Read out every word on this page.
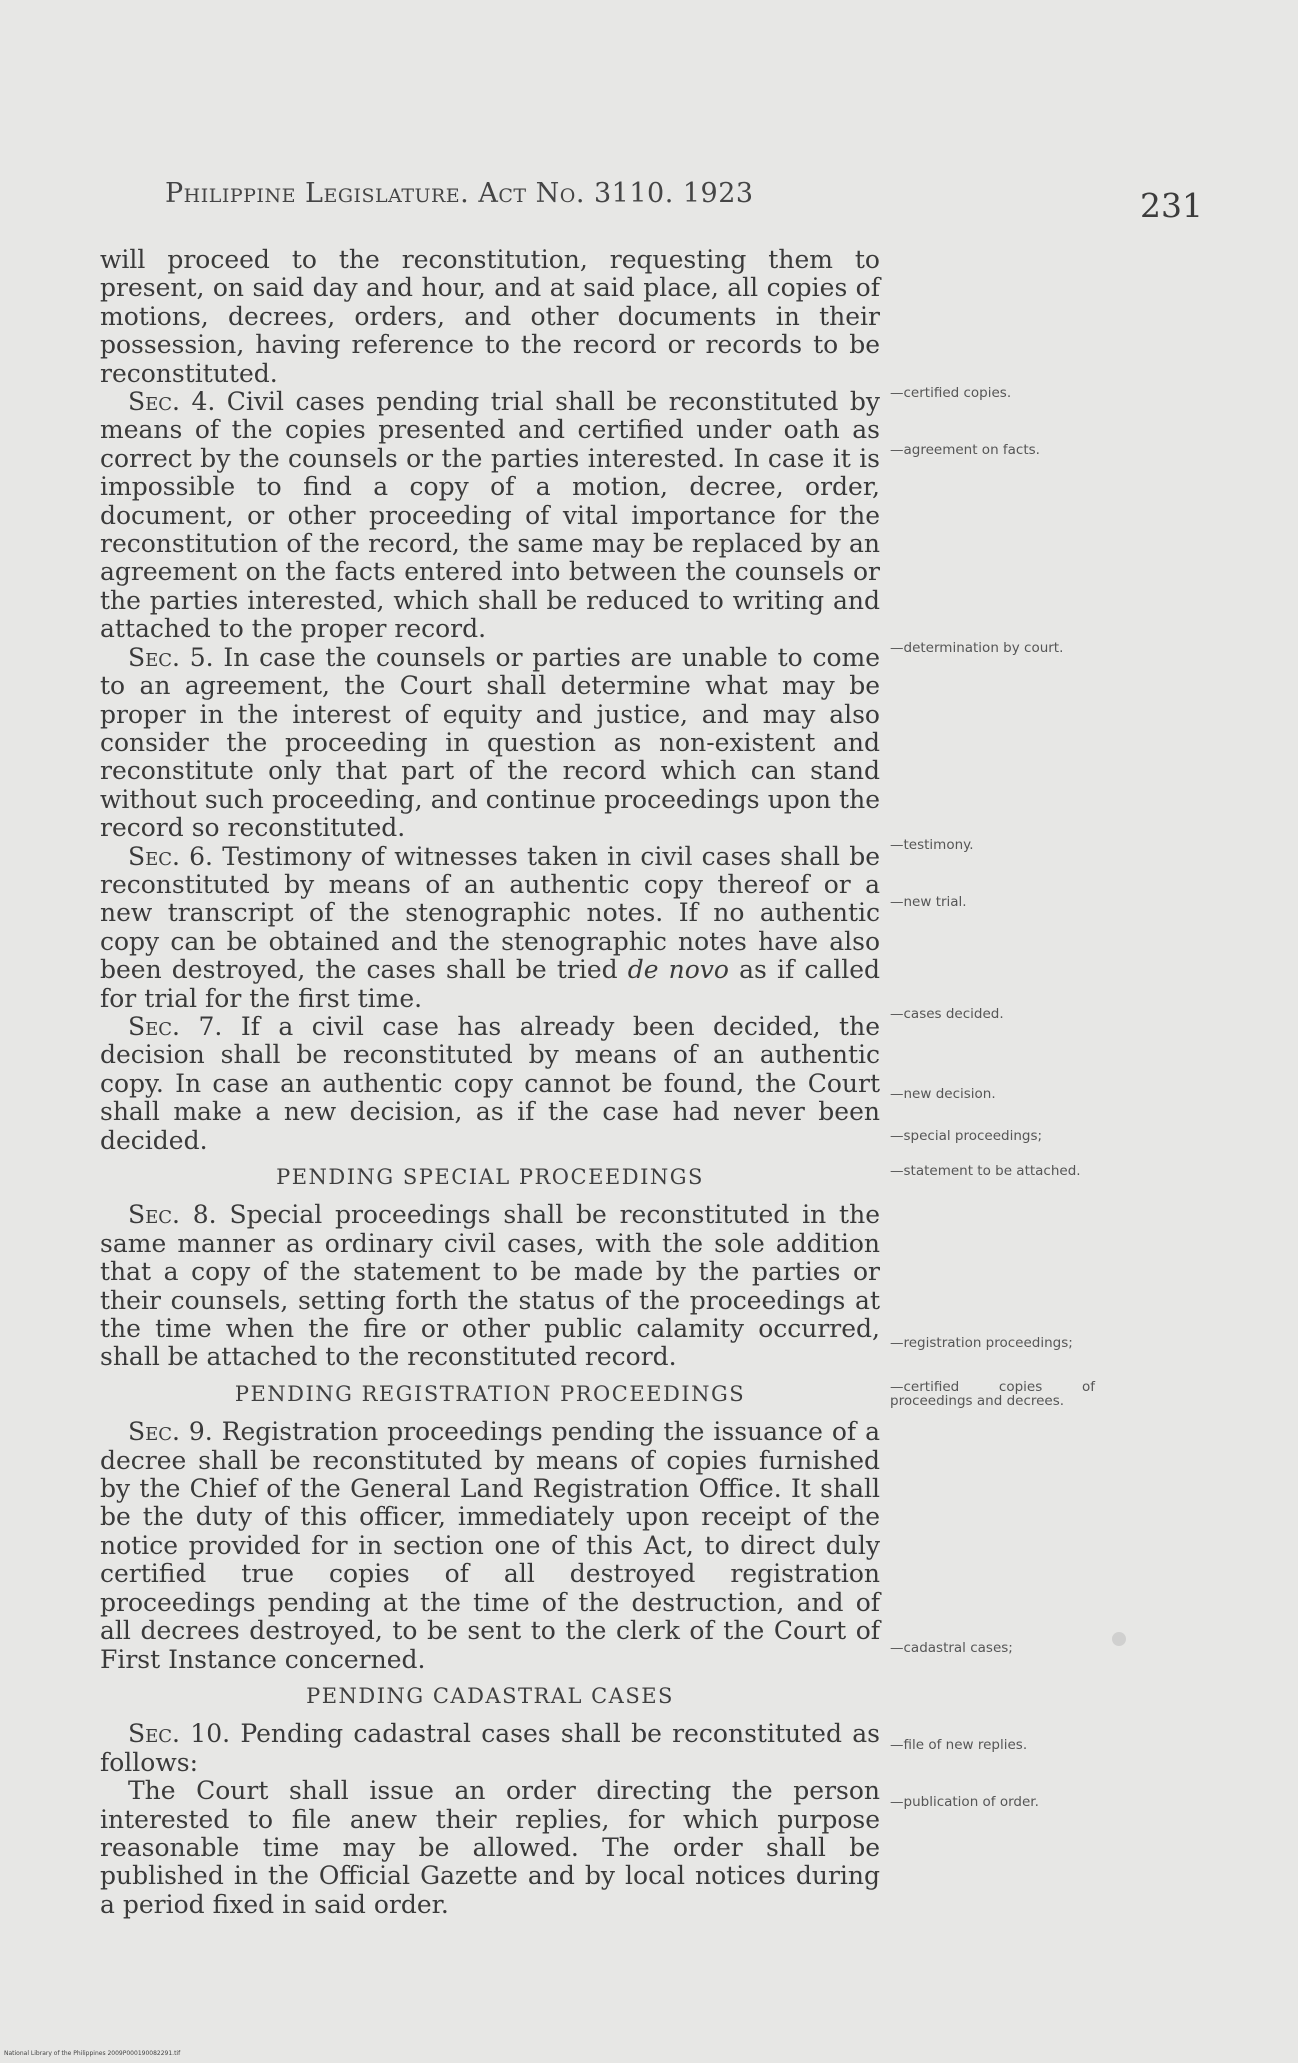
Philippine Legislature. Act No. 3110. 1923	231

will proceed to the reconstitution, requesting them to present, on said day and hour, and at said place, all copies of motions, decrees, orders, and other documents in their possession, having reference to the record or records to be reconstituted.

Sec. 4. Civil cases pending trial shall be reconstituted by means of the copies presented and certified under oath as correct by the counsels or the parties interested. In case it is impossible to find a copy of a motion, decree, order, document, or other proceeding of vital importance for the reconstitution of the record, the same may be replaced by an agreement on the facts entered into between the counsels or the parties interested, which shall be reduced to writing and attached to the proper record.

Sec. 5. In case the counsels or parties are unable to come to an agreement, the Court shall determine what may be proper in the interest of equity and justice, and may also consider the proceeding in question as non-existent and reconstitute only that part of the record which can stand without such proceeding, and continue proceedings upon the record so reconstituted.

Sec. 6. Testimony of witnesses taken in civil cases shall be reconstituted by means of an authentic copy thereof or a new transcript of the stenographic notes. If no authentic copy can be obtained and the stenographic notes have also been destroyed, the cases shall be tried de novo as if called for trial for the first time.

Sec. 7. If a civil case has already been decided, the decision shall be reconstituted by means of an authentic copy. In case an authentic copy cannot be found, the Court shall make a new decision, as if the case had never been decided.

PENDING SPECIAL PROCEEDINGS

Sec. 8. Special proceedings shall be reconstituted in the same manner as ordinary civil cases, with the sole addition that a copy of the statement to be made by the parties or their counsels, setting forth the status of the proceedings at the time when the fire or other public calamity occurred, shall be attached to the reconstituted record.

PENDING REGISTRATION PROCEEDINGS

Sec. 9. Registration proceedings pending the issuance of a decree shall be reconstituted by means of copies furnished by the Chief of the General Land Registration Office. It shall be the duty of this officer, immediately upon receipt of the notice provided for in section one of this Act, to direct duly certified true copies of all destroyed registration proceedings pending at the time of the destruction, and of all decrees destroyed, to be sent to the clerk of the Court of First Instance concerned.

PENDING CADASTRAL CASES

Sec. 10. Pending cadastral cases shall be reconstituted as follows:

The Court shall issue an order directing the person interested to file anew their replies, for which purpose reasonable time may be allowed. The order shall be published in the Official Gazette and by local notices during a period fixed in said order.

—certified copies.
—agreement on facts.
—determination by court.
—testimony.
—new trial.
—cases decided.
—new decision.
—special proceedings;
—statement to be attached.
—registration proceedings;
—certified copies of proceedings and decrees.
—cadastral cases;
—file of new replies.
—publication of order.
National Library of the Philippines 2009P000190082291.tif
